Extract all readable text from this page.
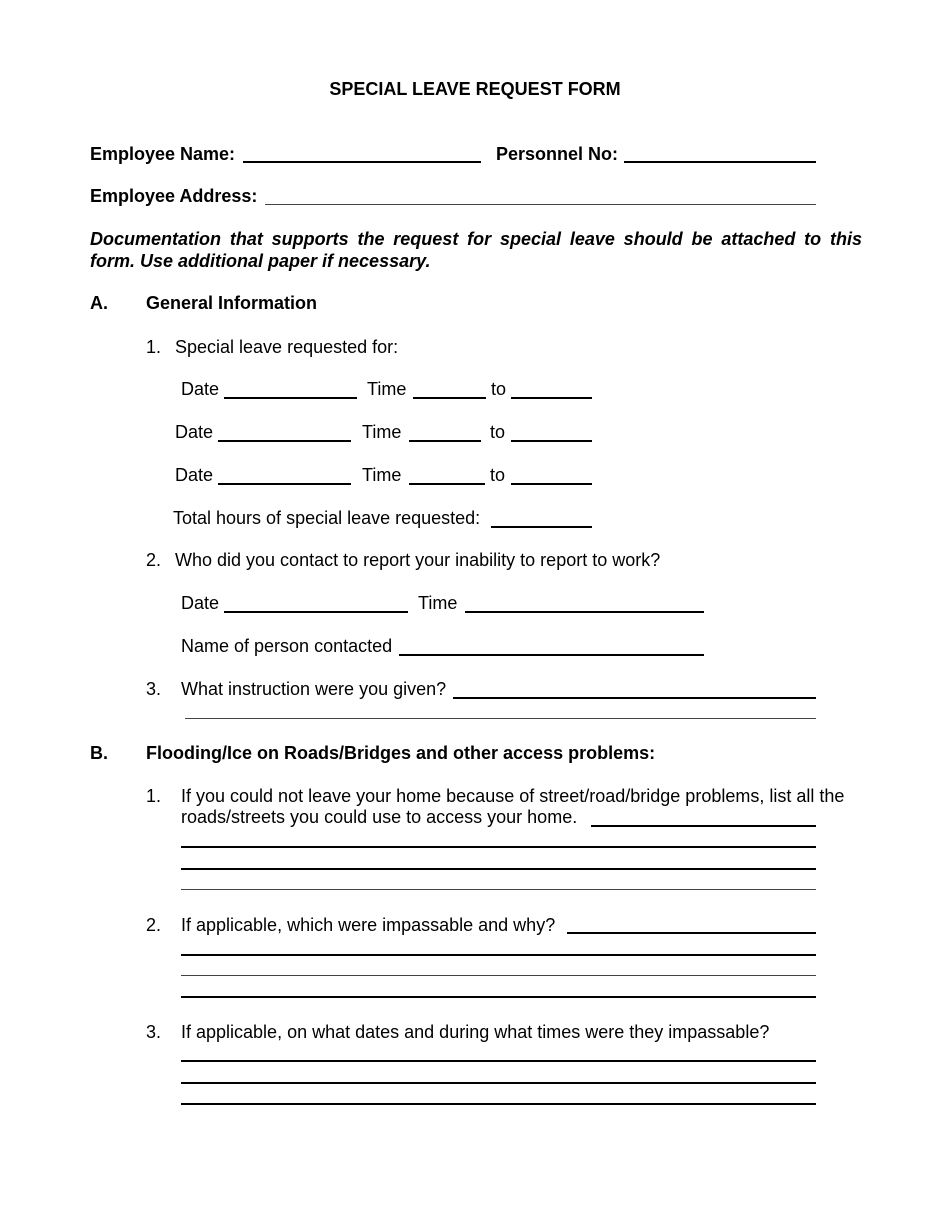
SPECIAL LEAVE REQUEST FORM
Employee Name:	Personnel No:
Employee Address:

Documentation that supports the request for special leave should be attached to this

form. Use additional paper if necessary.

A. General Information
1. Special leave requested for:
Date	Time	to
Date	Time	to
Date	Time	to
Total hours of special leave requested:
2. Who did you contact to report your inability to report to work?
Date	Time
Name of person contacted
3. What instruction were you given?
B. Flooding/Ice on Roads/Bridges and other access problems:
1. If you could not leave your home because of street/road/bridge problems, list all the
roads/streets you could use to access your home.
2. If applicable, which were impassable and why?
3. If applicable, on what dates and during what times were they impassable?
